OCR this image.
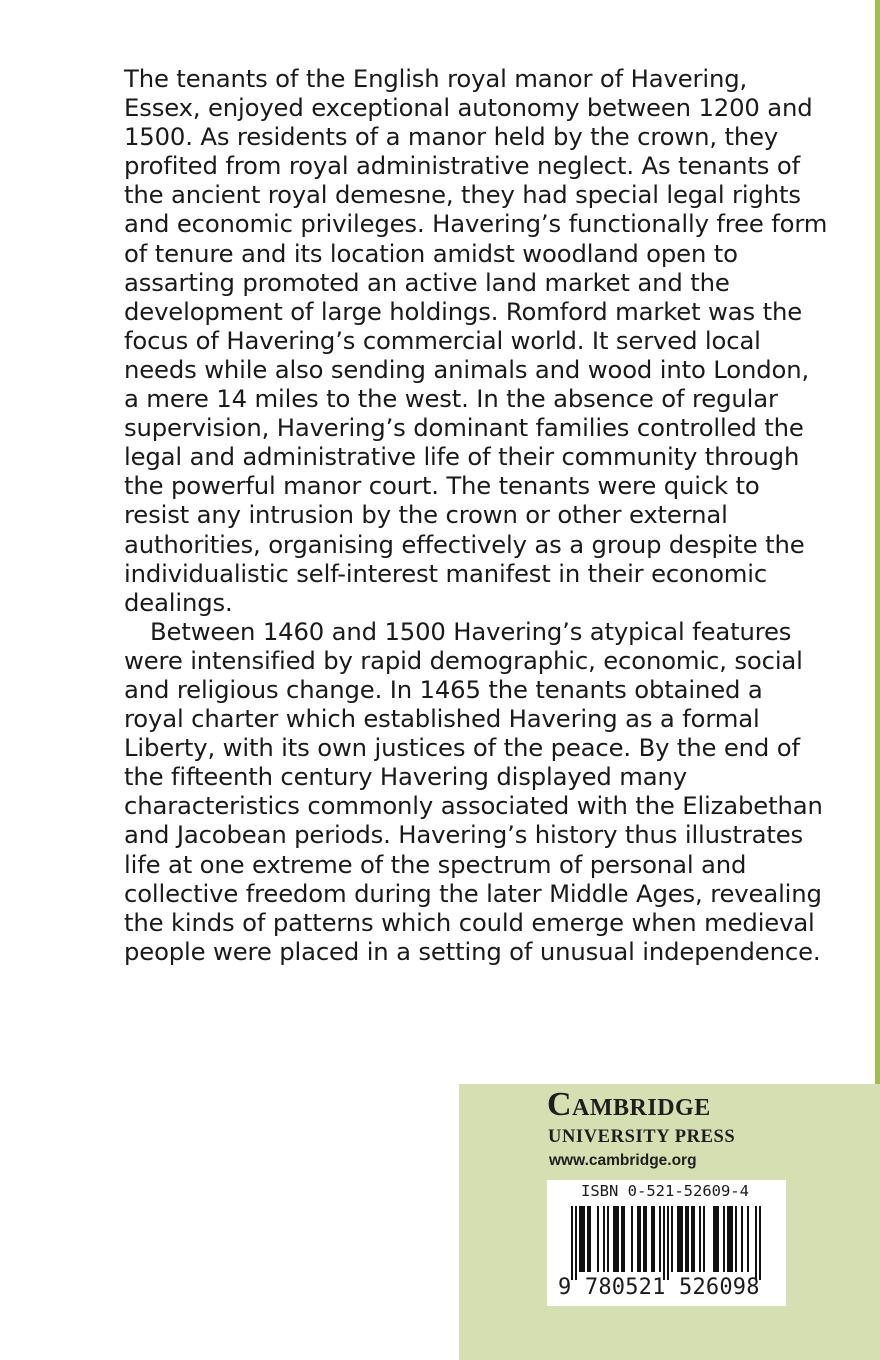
The tenants of the English royal manor of Havering, Essex, enjoyed exceptional autonomy between 1200 and 1500. As residents of a manor held by the crown, they profited from royal administrative neglect. As tenants of the ancient royal demesne, they had special legal rights and economic privileges. Havering’s functionally free form of tenure and its location amidst woodland open to assarting promoted an active land market and the development of large holdings. Romford market was the focus of Havering’s commercial world. It served local needs while also sending animals and wood into London, a mere 14 miles to the west. In the absence of regular supervision, Havering’s dominant families controlled the legal and administrative life of their community through the powerful manor court. The tenants were quick to resist any intrusion by the crown or other external authorities, organising effectively as a group despite the individualistic self-interest manifest in their economic dealings.

Between 1460 and 1500 Havering’s atypical features were intensified by rapid demographic, economic, social and religious change. In 1465 the tenants obtained a royal charter which established Havering as a formal Liberty, with its own justices of the peace. By the end of the fifteenth century Havering displayed many characteristics commonly associated with the Elizabethan and Jacobean periods. Havering’s history thus illustrates life at one extreme of the spectrum of personal and collective freedom during the later Middle Ages, revealing the kinds of patterns which could emerge when medieval people were placed in a setting of unusual independence.

Cambridge
UNIVERSITY PRESS
www.cambridge.org
ISBN 0-521-52609-4
9 780521 526098
